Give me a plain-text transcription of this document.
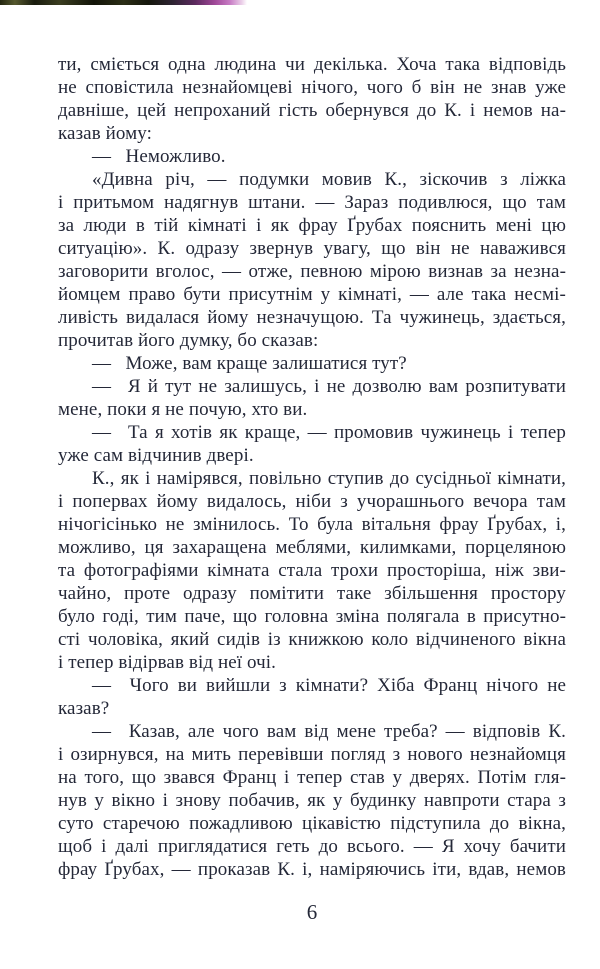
ти, сміється одна людина чи декілька. Хоча така відповідь
не сповістила незнайомцеві нічого, чого б він не знав уже
давніше, цей непроханий гість обернувся до К. і немов на-
казав йому:
—  Неможливо.
«Дивна річ, — подумки мовив К., зіскочив з ліжка
і притьмом надягнув штани. — Зараз подивлюся, що там
за люди в тій кімнаті і як фрау Ґрубах пояснить мені цю
ситуацію». К. одразу звернув увагу, що він не наважився
заговорити вголос, — отже, певною мірою визнав за незна-
йомцем право бути присутнім у кімнаті, — але така несмі-
ливість видалася йому незначущою. Та чужинець, здається,
прочитав його думку, бо сказав:
—  Може, вам краще залишатися тут?
—  Я й тут не залишусь, і не дозволю вам розпитувати
мене, поки я не почую, хто ви.
—  Та я хотів як краще, — промовив чужинець і тепер
уже сам відчинив двері.
К., як і намірявся, повільно ступив до сусідньої кімнати,
і попервах йому видалось, ніби з учорашнього вечора там
нічогісінько не змінилось. То була вітальня фрау Ґрубах, і,
можливо, ця захаращена меблями, килимками, порцеляною
та фотографіями кімната стала трохи просторіша, ніж зви-
чайно, проте одразу помітити таке збільшення простору
було годі, тим паче, що головна зміна полягала в присутно-
сті чоловіка, який сидів із книжкою коло відчиненого вікна
і тепер відірвав від неї очі.
—  Чого ви вийшли з кімнати? Хіба Франц нічого не
казав?
—  Казав, але чого вам від мене треба? — відповів К.
і озирнувся, на мить перевівши погляд з нового незнайомця
на того, що звався Франц і тепер став у дверях. Потім гля-
нув у вікно і знову побачив, як у будинку навпроти стара з
суто старечою пожадливою цікавістю підступила до вікна,
щоб і далі приглядатися геть до всього. — Я хочу бачити
фрау Ґрубах, — проказав К. і, наміряючись іти, вдав, немов
6
